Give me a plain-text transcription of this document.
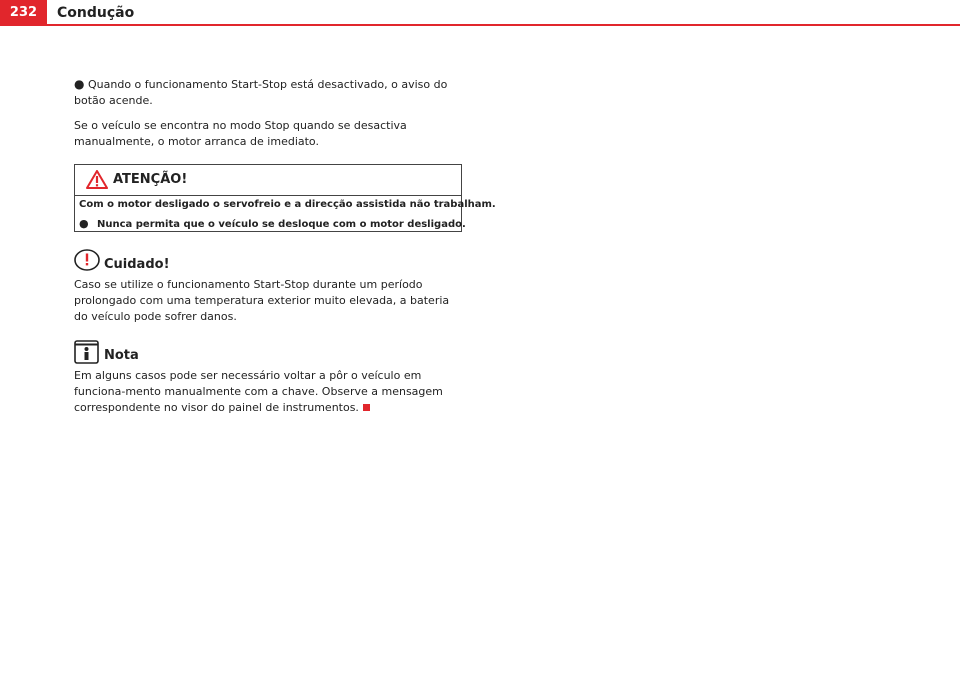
232	Condução

● Quando o funcionamento Start-Stop está desactivado, o aviso do botão acende.

Se o veículo se encontra no modo Stop quando se desactiva manualmente, o motor arranca de imediato.

ATENÇÃO!
Com o motor desligado o servofreio e a direcção assistida não trabalham.
● Nunca permita que o veículo se desloque com o motor desligado.
Cuidado!

Caso se utilize o funcionamento Start-Stop durante um período prolongado com uma temperatura exterior muito elevada, a bateria do veículo pode sofrer danos.

Nota

Em alguns casos pode ser necessário voltar a pôr o veículo em funciona-mento manualmente com a chave. Observe a mensagem correspondente no visor do painel de instrumentos.
